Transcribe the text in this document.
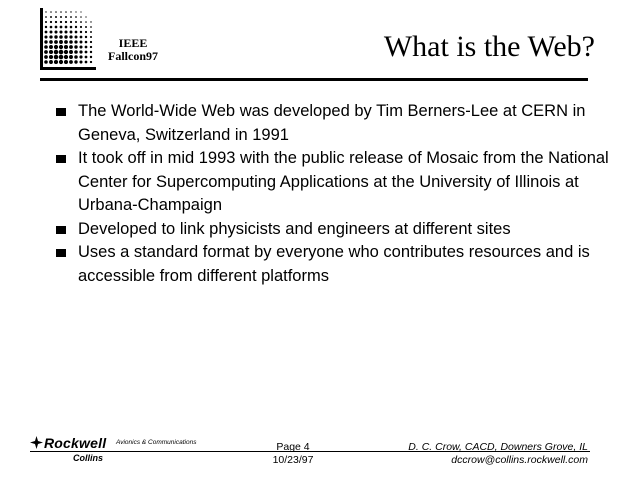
IEEE
Fallcon97	What is the Web?
The World-Wide Web was developed by Tim Berners-Lee at CERN in Geneva, Switzerland in 1991
It took off in mid 1993 with the public release of Mosaic from the National Center for Supercomputing Applications at the University of Illinois at Urbana-Champaign
Developed to link physicists and engineers at different sites
Uses a standard format by everyone who contributes resources and is accessible from different platforms
Rockwell Avionics & Communications
Collins
Page 4
10/23/97
D. C. Crow, CACD, Downers Grove, IL
dccrow@collins.rockwell.com
